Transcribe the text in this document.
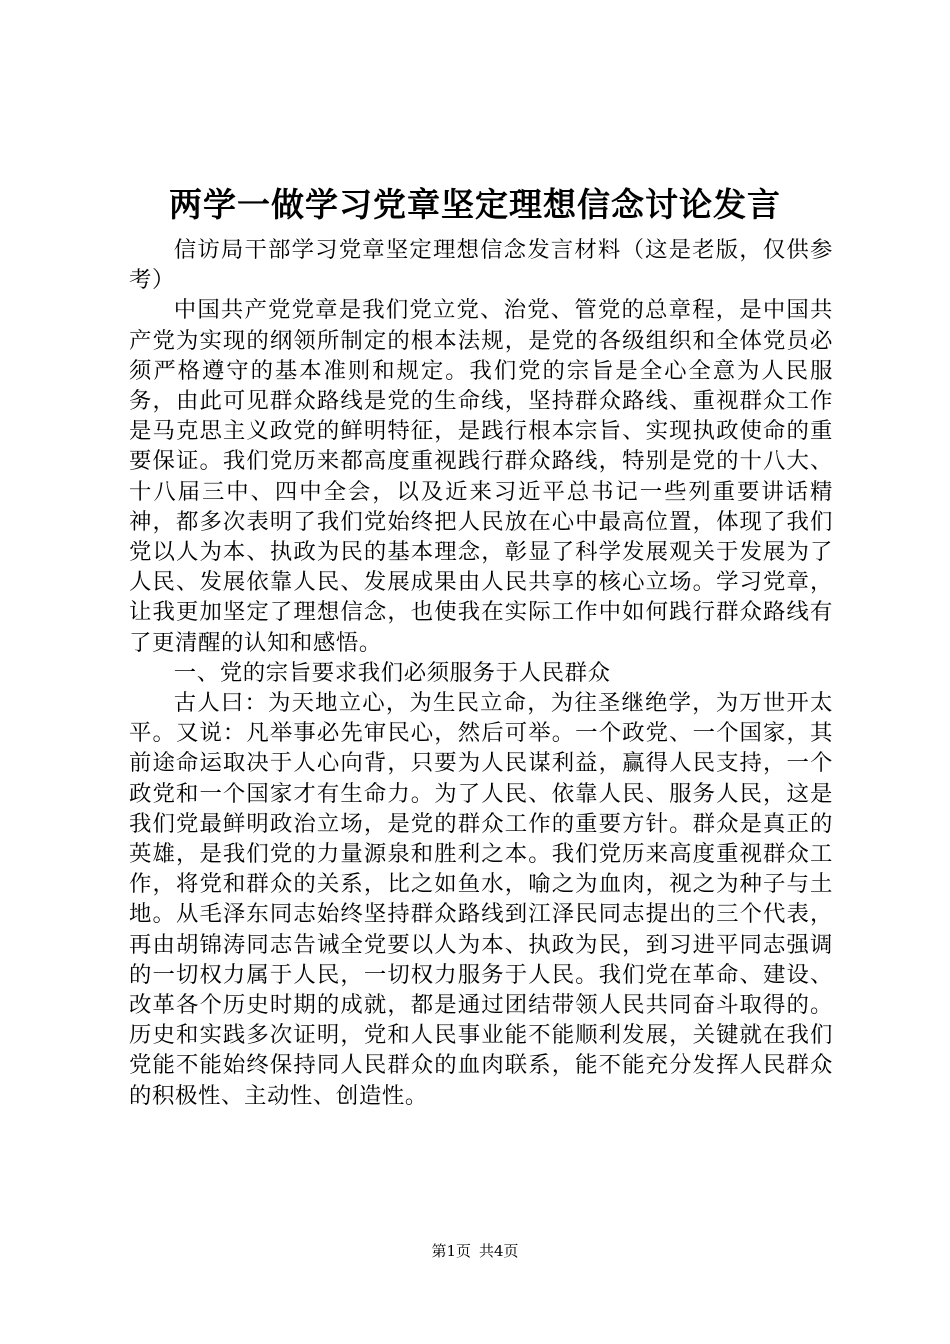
两学一做学习党章坚定理想信念讨论发言

信访局干部学习党章坚定理想信念发言材料（这是老版，仅供参考）

中国共产党党章是我们党立党、治党、管党的总章程，是中国共产党为实现的纲领所制定的根本法规，是党的各级组织和全体党员必须严格遵守的基本准则和规定。我们党的宗旨是全心全意为人民服务，由此可见群众路线是党的生命线，坚持群众路线、重视群众工作是马克思主义政党的鲜明特征，是践行根本宗旨、实现执政使命的重要保证。我们党历来都高度重视践行群众路线，特别是党的十八大、十八届三中、四中全会，以及近来习近平总书记一些列重要讲话精神，都多次表明了我们党始终把人民放在心中最高位置，体现了我们党以人为本、执政为民的基本理念，彰显了科学发展观关于发展为了人民、发展依靠人民、发展成果由人民共享的核心立场。学习党章，让我更加坚定了理想信念，也使我在实际工作中如何践行群众路线有了更清醒的认知和感悟。

一、党的宗旨要求我们必须服务于人民群众

古人曰：为天地立心，为生民立命，为往圣继绝学，为万世开太平。又说：凡举事必先审民心，然后可举。一个政党、一个国家，其前途命运取决于人心向背，只要为人民谋利益，赢得人民支持，一个政党和一个国家才有生命力。为了人民、依靠人民、服务人民，这是我们党最鲜明政治立场，是党的群众工作的重要方针。群众是真正的英雄，是我们党的力量源泉和胜利之本。我们党历来高度重视群众工作，将党和群众的关系，比之如鱼水，喻之为血肉，视之为种子与土地。从毛泽东同志始终坚持群众路线到江泽民同志提出的三个代表，再由胡锦涛同志告诫全党要以人为本、执政为民，到习进平同志强调的一切权力属于人民，一切权力服务于人民。我们党在革命、建设、改革各个历史时期的成就，都是通过团结带领人民共同奋斗取得的。历史和实践多次证明，党和人民事业能不能顺利发展，关键就在我们党能不能始终保持同人民群众的血肉联系，能不能充分发挥人民群众的积极性、主动性、创造性。

第1页 共4页
